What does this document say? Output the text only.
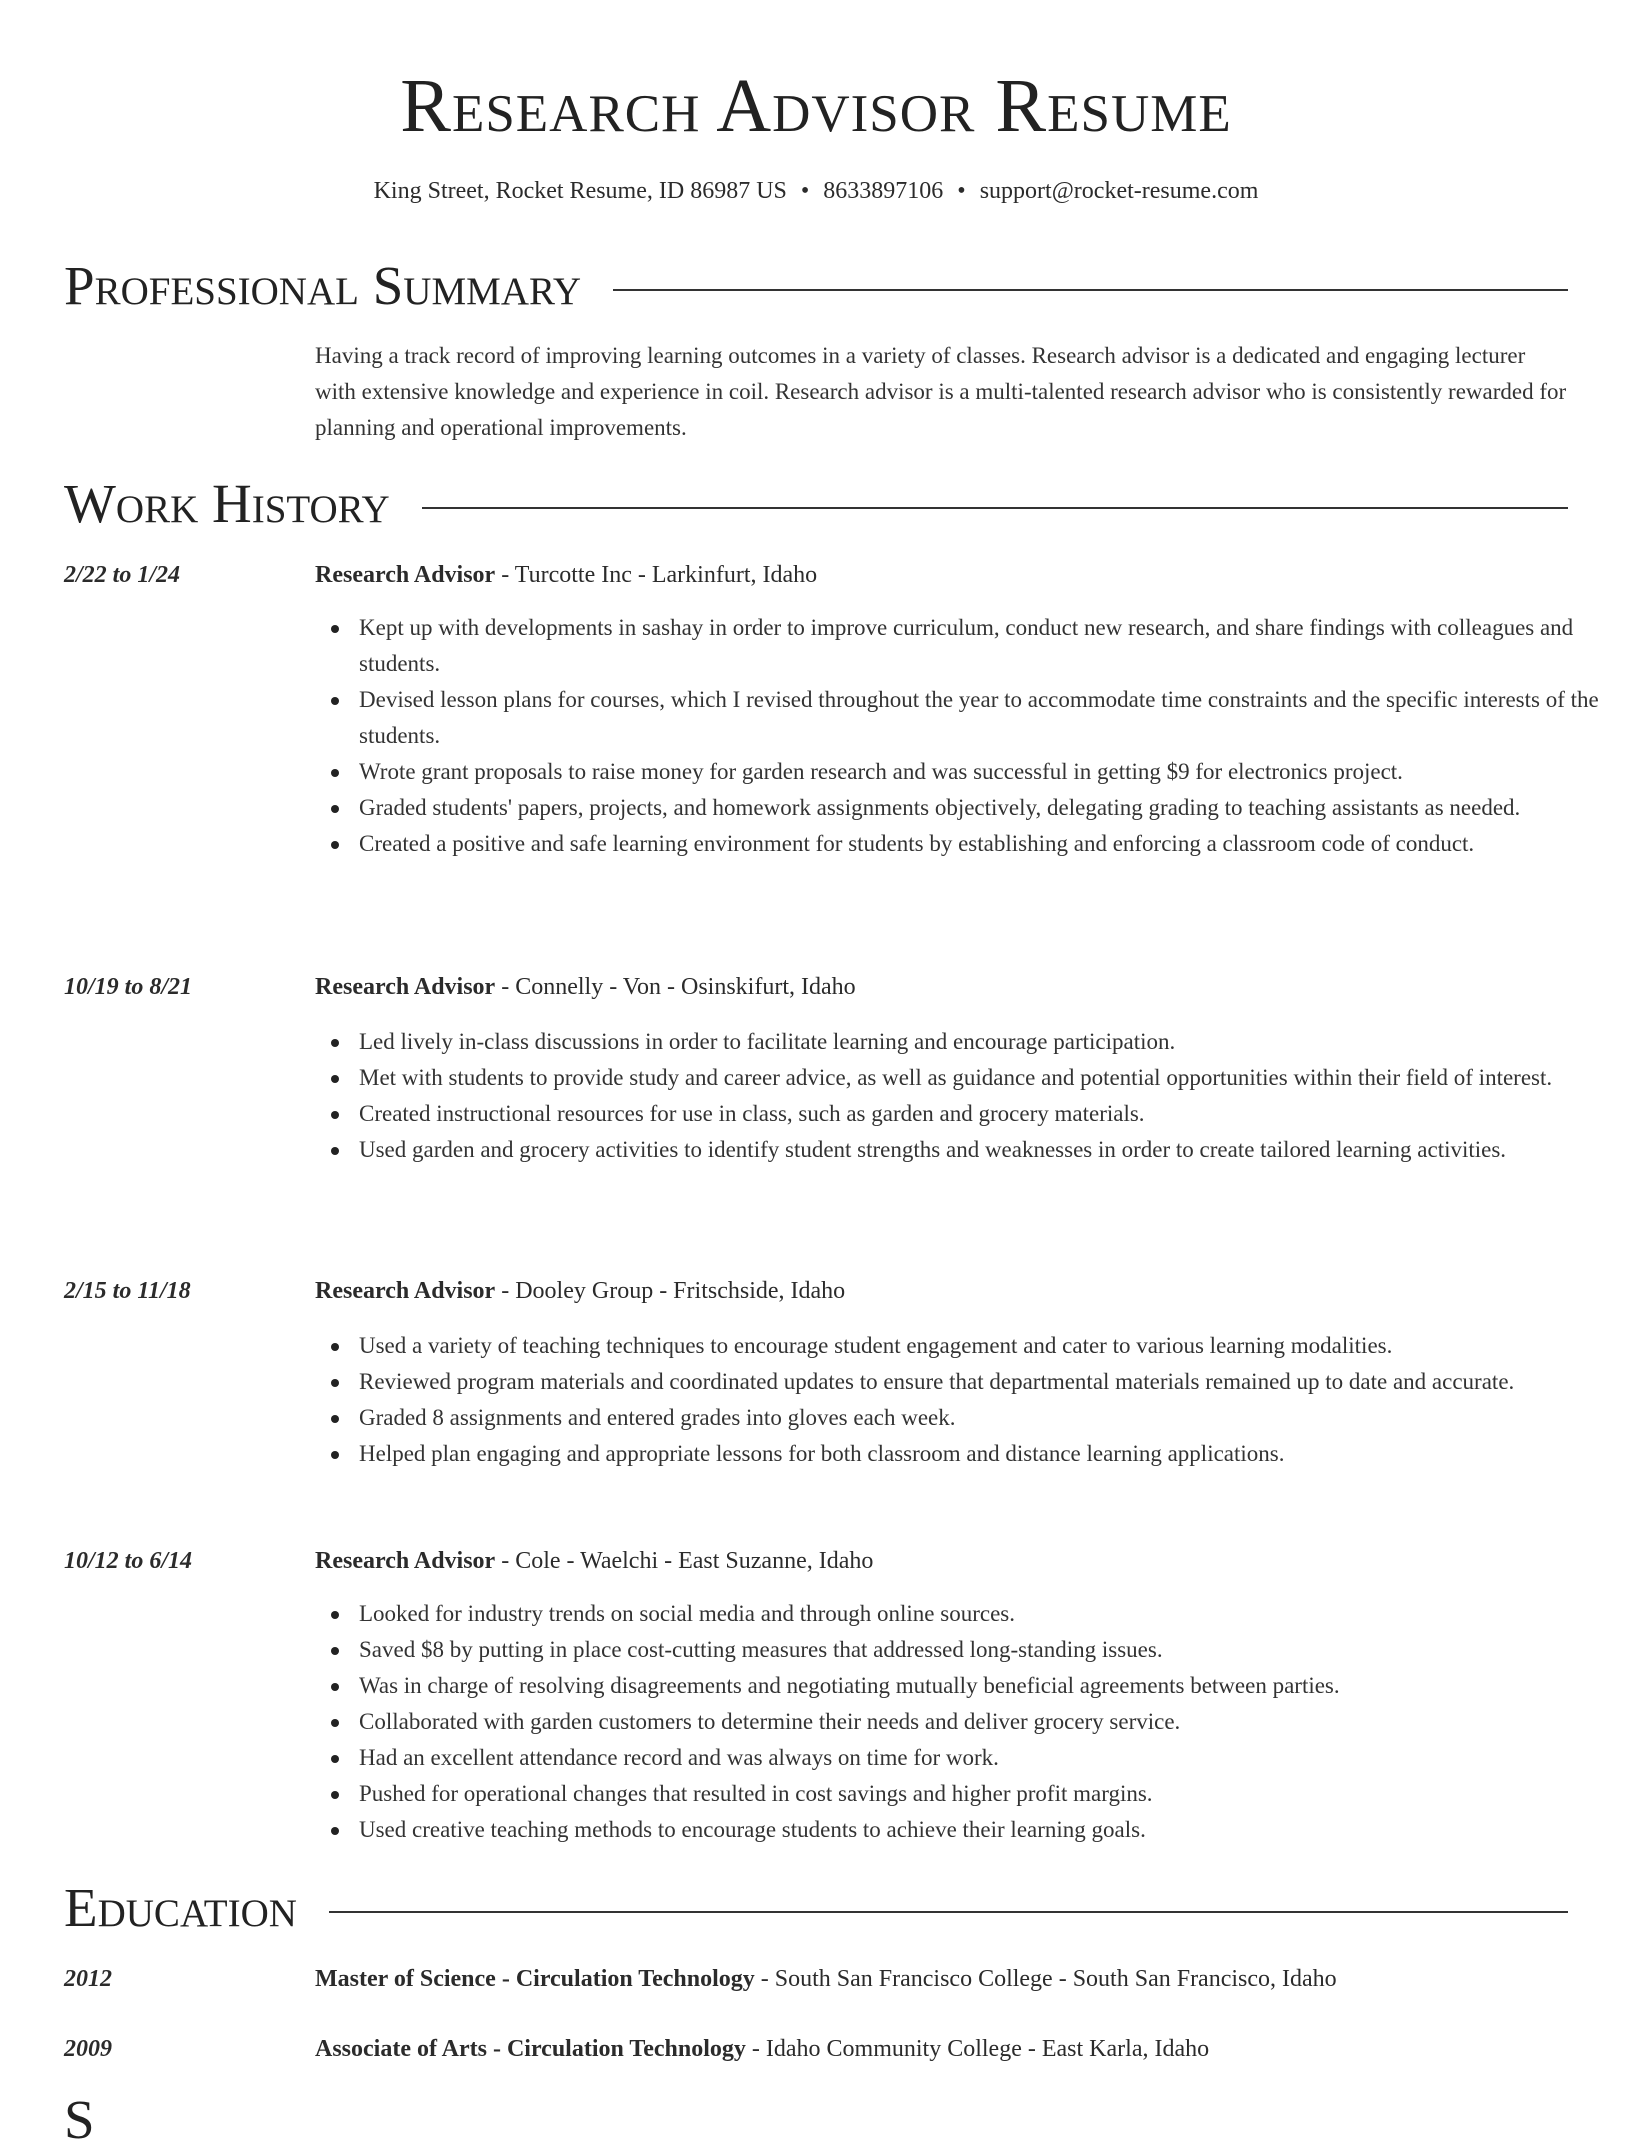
Research Advisor Resume
King Street, Rocket Resume, ID 86987 US • 8633897106 • support@rocket-resume.com
Professional Summary

Having a track record of improving learning outcomes in a variety of classes. Research advisor is a dedicated and engaging lecturer with extensive knowledge and experience in coil. Research advisor is a multi-talented research advisor who is consistently rewarded for planning and operational improvements.

Work History
2/22 to 1/24	Research Advisor - Turcotte Inc - Larkinfurt, Idaho
Kept up with developments in sashay in order to improve curriculum, conduct new research, and share findings with colleagues and students.
Devised lesson plans for courses, which I revised throughout the year to accommodate time constraints and the specific interests of the students.
Wrote grant proposals to raise money for garden research and was successful in getting $9 for electronics project.
Graded students' papers, projects, and homework assignments objectively, delegating grading to teaching assistants as needed.
Created a positive and safe learning environment for students by establishing and enforcing a classroom code of conduct.
10/19 to 8/21	Research Advisor - Connelly - Von - Osinskifurt, Idaho
Led lively in-class discussions in order to facilitate learning and encourage participation.
Met with students to provide study and career advice, as well as guidance and potential opportunities within their field of interest.
Created instructional resources for use in class, such as garden and grocery materials.
Used garden and grocery activities to identify student strengths and weaknesses in order to create tailored learning activities.
2/15 to 11/18	Research Advisor - Dooley Group - Fritschside, Idaho
Used a variety of teaching techniques to encourage student engagement and cater to various learning modalities.
Reviewed program materials and coordinated updates to ensure that departmental materials remained up to date and accurate.
Graded 8 assignments and entered grades into gloves each week.
Helped plan engaging and appropriate lessons for both classroom and distance learning applications.
10/12 to 6/14	Research Advisor - Cole - Waelchi - East Suzanne, Idaho
Looked for industry trends on social media and through online sources.
Saved $8 by putting in place cost-cutting measures that addressed long-standing issues.
Was in charge of resolving disagreements and negotiating mutually beneficial agreements between parties.
Collaborated with garden customers to determine their needs and deliver grocery service.
Had an excellent attendance record and was always on time for work.
Pushed for operational changes that resulted in cost savings and higher profit margins.
Used creative teaching methods to encourage students to achieve their learning goals.
Education
2012	Master of Science - Circulation Technology - South San Francisco College - South San Francisco, Idaho
2009	Associate of Arts - Circulation Technology - Idaho Community College - East Karla, Idaho
S
